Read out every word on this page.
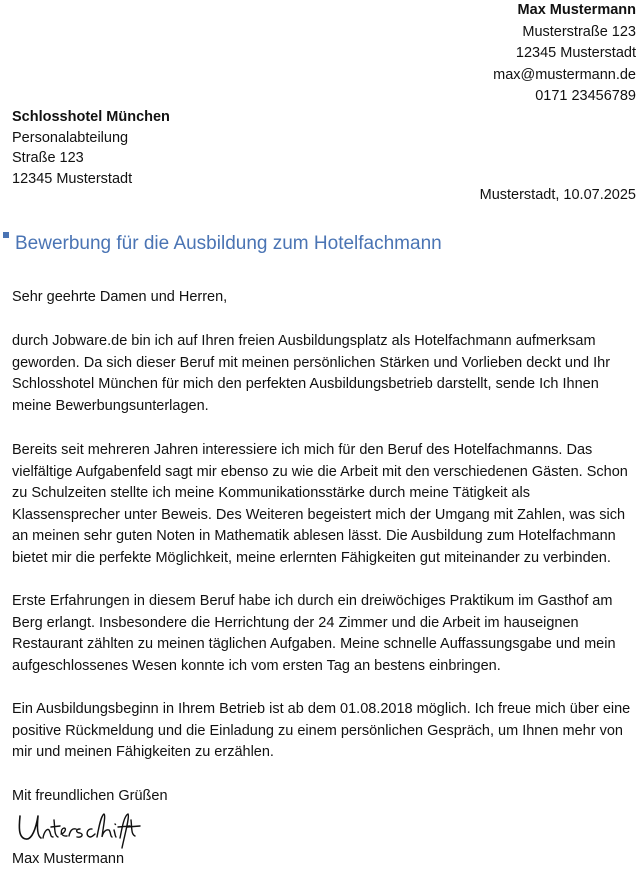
Max Mustermann
Musterstraße 123
12345 Musterstadt
max@mustermann.de
0171 23456789
Schlosshotel München
Personalabteilung
Straße 123
12345 Musterstadt
Musterstadt, 10.07.2025
Bewerbung für die Ausbildung zum Hotelfachmann

Sehr geehrte Damen und Herren,

durch Jobware.de bin ich auf Ihren freien Ausbildungsplatz als Hotelfachmann aufmerksam geworden. Da sich dieser Beruf mit meinen persönlichen Stärken und Vorlieben deckt und Ihr Schlosshotel München für mich den perfekten Ausbildungsbetrieb darstellt, sende Ich Ihnen meine Bewerbungsunterlagen.

Bereits seit mehreren Jahren interessiere ich mich für den Beruf des Hotelfachmanns. Das vielfältige Aufgabenfeld sagt mir ebenso zu wie die Arbeit mit den verschiedenen Gästen. Schon zu Schulzeiten stellte ich meine Kommunikationsstärke durch meine Tätigkeit als Klassensprecher unter Beweis. Des Weiteren begeistert mich der Umgang mit Zahlen, was sich an meinen sehr guten Noten in Mathematik ablesen lässt. Die Ausbildung zum Hotelfachmann bietet mir die perfekte Möglichkeit, meine erlernten Fähigkeiten gut miteinander zu verbinden.

Erste Erfahrungen in diesem Beruf habe ich durch ein dreiwöchiges Praktikum im Gasthof am Berg erlangt. Insbesondere die Herrichtung der 24 Zimmer und die Arbeit im hauseignen Restaurant zählten zu meinen täglichen Aufgaben. Meine schnelle Auffassungsgabe und mein aufgeschlossenes Wesen konnte ich vom ersten Tag an bestens einbringen.

Ein Ausbildungsbeginn in Ihrem Betrieb ist ab dem 01.08.2018 möglich. Ich freue mich über eine positive Rückmeldung und die Einladung zu einem persönlichen Gespräch, um Ihnen mehr von mir und meinen Fähigkeiten zu erzählen.

Mit freundlichen Grüßen

Max Mustermann
